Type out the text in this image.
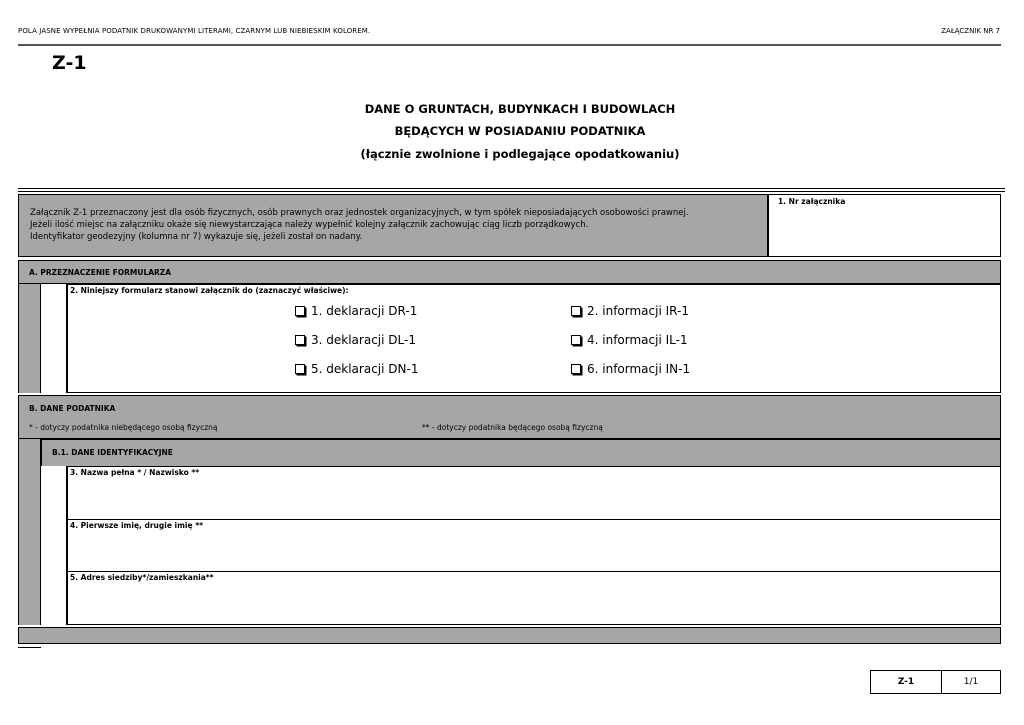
POLA JASNE WYPEŁNIA PODATNIK DRUKOWANYMI LITERAMI, CZARNYM LUB NIEBIESKIM KOLOREM.	ZAŁĄCZNIK NR 7
Z-1
DANE O GRUNTACH, BUDYNKACH I BUDOWLACH
BĘDĄCYCH W POSIADANIU PODATNIKA
(łącznie zwolnione i podlegające opodatkowaniu)
Załącznik Z-1 przeznaczony jest dla osób fizycznych, osób prawnych oraz jednostek organizacyjnych, w tym spółek nieposiadających osobowości prawnej.
Jeżeli ilość miejsc na załączniku okaże się niewystarczająca należy wypełnić kolejny załącznik zachowując ciąg liczb porządkowych.
Identyfikator geodezyjny (kolumna nr 7) wykazuje się, jeżeli został on nadany.
1. Nr załącznika
A. PRZEZNACZENIE FORMULARZA
2. Niniejszy formularz stanowi załącznik do (zaznaczyć właściwe):
1. deklaracji DR-1	2. informacji IR-1
3. deklaracji DL-1	4. informacji IL-1
5. deklaracji DN-1	6. informacji IN-1
B. DANE PODATNIKA
* - dotyczy podatnika niebędącego osobą fizyczną	** - dotyczy podatnika będącego osobą fizyczną
B.1. DANE IDENTYFIKACYJNE
3. Nazwa pełna * / Nazwisko **
4. Pierwsze imię, drugie imię **
5. Adres siedziby*/zamieszkania**
Z-1	1/1
